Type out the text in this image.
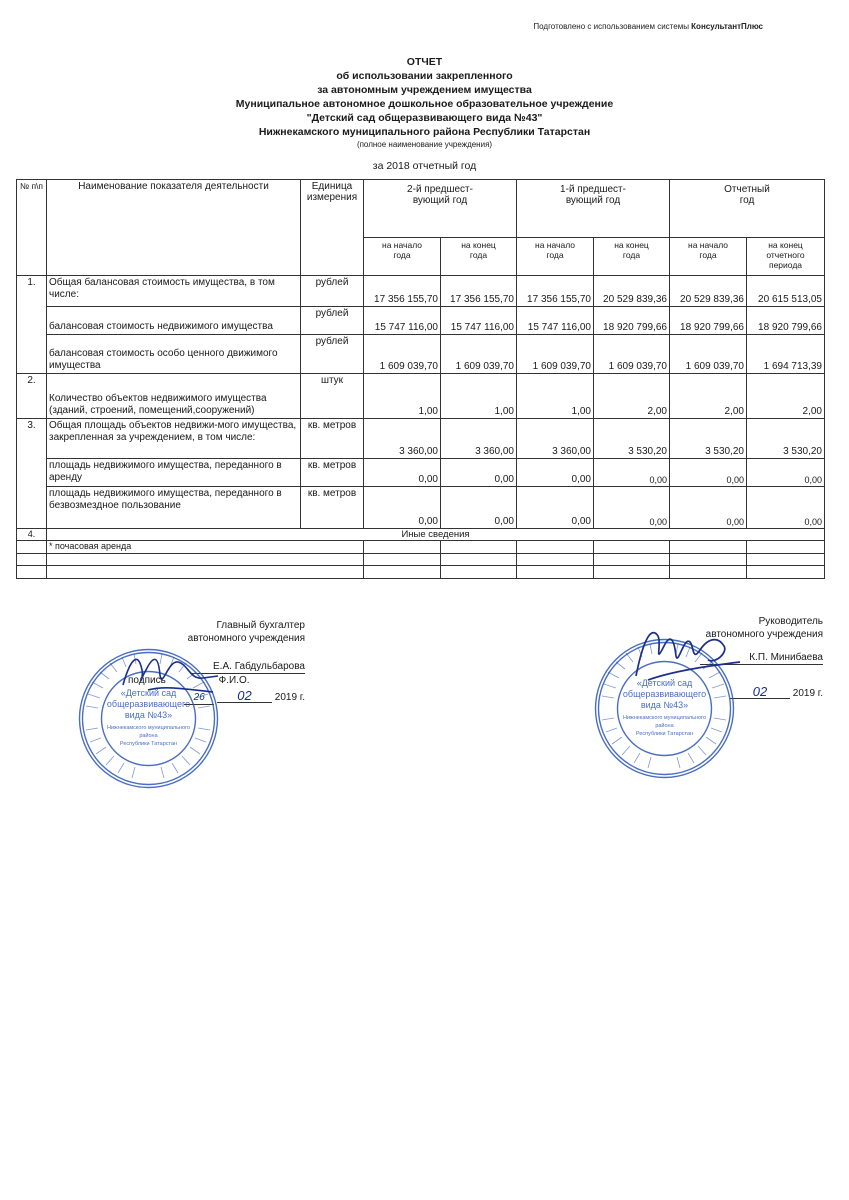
Подготовлено с использованием системы КонсультантПлюс
ОТЧЕТ
об использовании закрепленного
за автономным учреждением имущества
Муниципальное автономное дошкольное образовательное учреждение
"Детский сад общеразвивающего вида №43"
Нижнекамского муниципального района Республики Татарстан
(полное наименование учреждения)
за 2018 отчетный год
№ п\п	Наименование показателя деятельности	Единица измерения	2-й предшест- вующий год		1-й предшест- вующий год		Отчетный год	
			на начало года	на конец года	на начало года	на конец года	на начало года	на конец отчетного периода
1.	Общая балансовая стоимость имущества, в том числе:	рублей	17 356 155,70	17 356 155,70	17 356 155,70	20 529 839,36	20 529 839,36	20 615 513,05
	балансовая стоимость недвижимого имущества	рублей	15 747 116,00	15 747 116,00	15 747 116,00	18 920 799,66	18 920 799,66	18 920 799,66
	балансовая стоимость особо ценного движимого имущества	рублей	1 609 039,70	1 609 039,70	1 609 039,70	1 609 039,70	1 609 039,70	1 694 713,39
2.	Количество объектов недвижимого имущества (зданий, строений, помещений,сооружений)	штук	1,00	1,00	1,00	2,00	2,00	2,00
3.	Общая площадь объектов недвижи-мого имущества, закрепленная за учреждением, в том числе:	кв. метров	3 360,00	3 360,00	3 360,00	3 530,20	3 530,20	3 530,20
	площадь недвижимого имущества, переданного в аренду	кв. метров	0,00	0,00	0,00	0,00	0,00	0,00
	площадь недвижимого имущества, переданного в безвозмездное пользование	кв. метров	0,00	0,00	0,00	0,00	0,00	0,00
4.	Иные сведения							
	* почасовая аренда							

Главный бухгалтер
автономного учреждения
Е.А. Габдульбарова
подпись	Ф.И.О.
26 02 2019 г.
Руководитель
автономного учреждения
К.П. Минибаева
02	2019 г.
«Детский сад
общеразвивающего
вида №43»
Нижнекамского муниципального
района
Республики Татарстан
«Детский сад
общеразвивающего
вида №43»
Нижнекамского муниципального
района
Республики Татарстан
